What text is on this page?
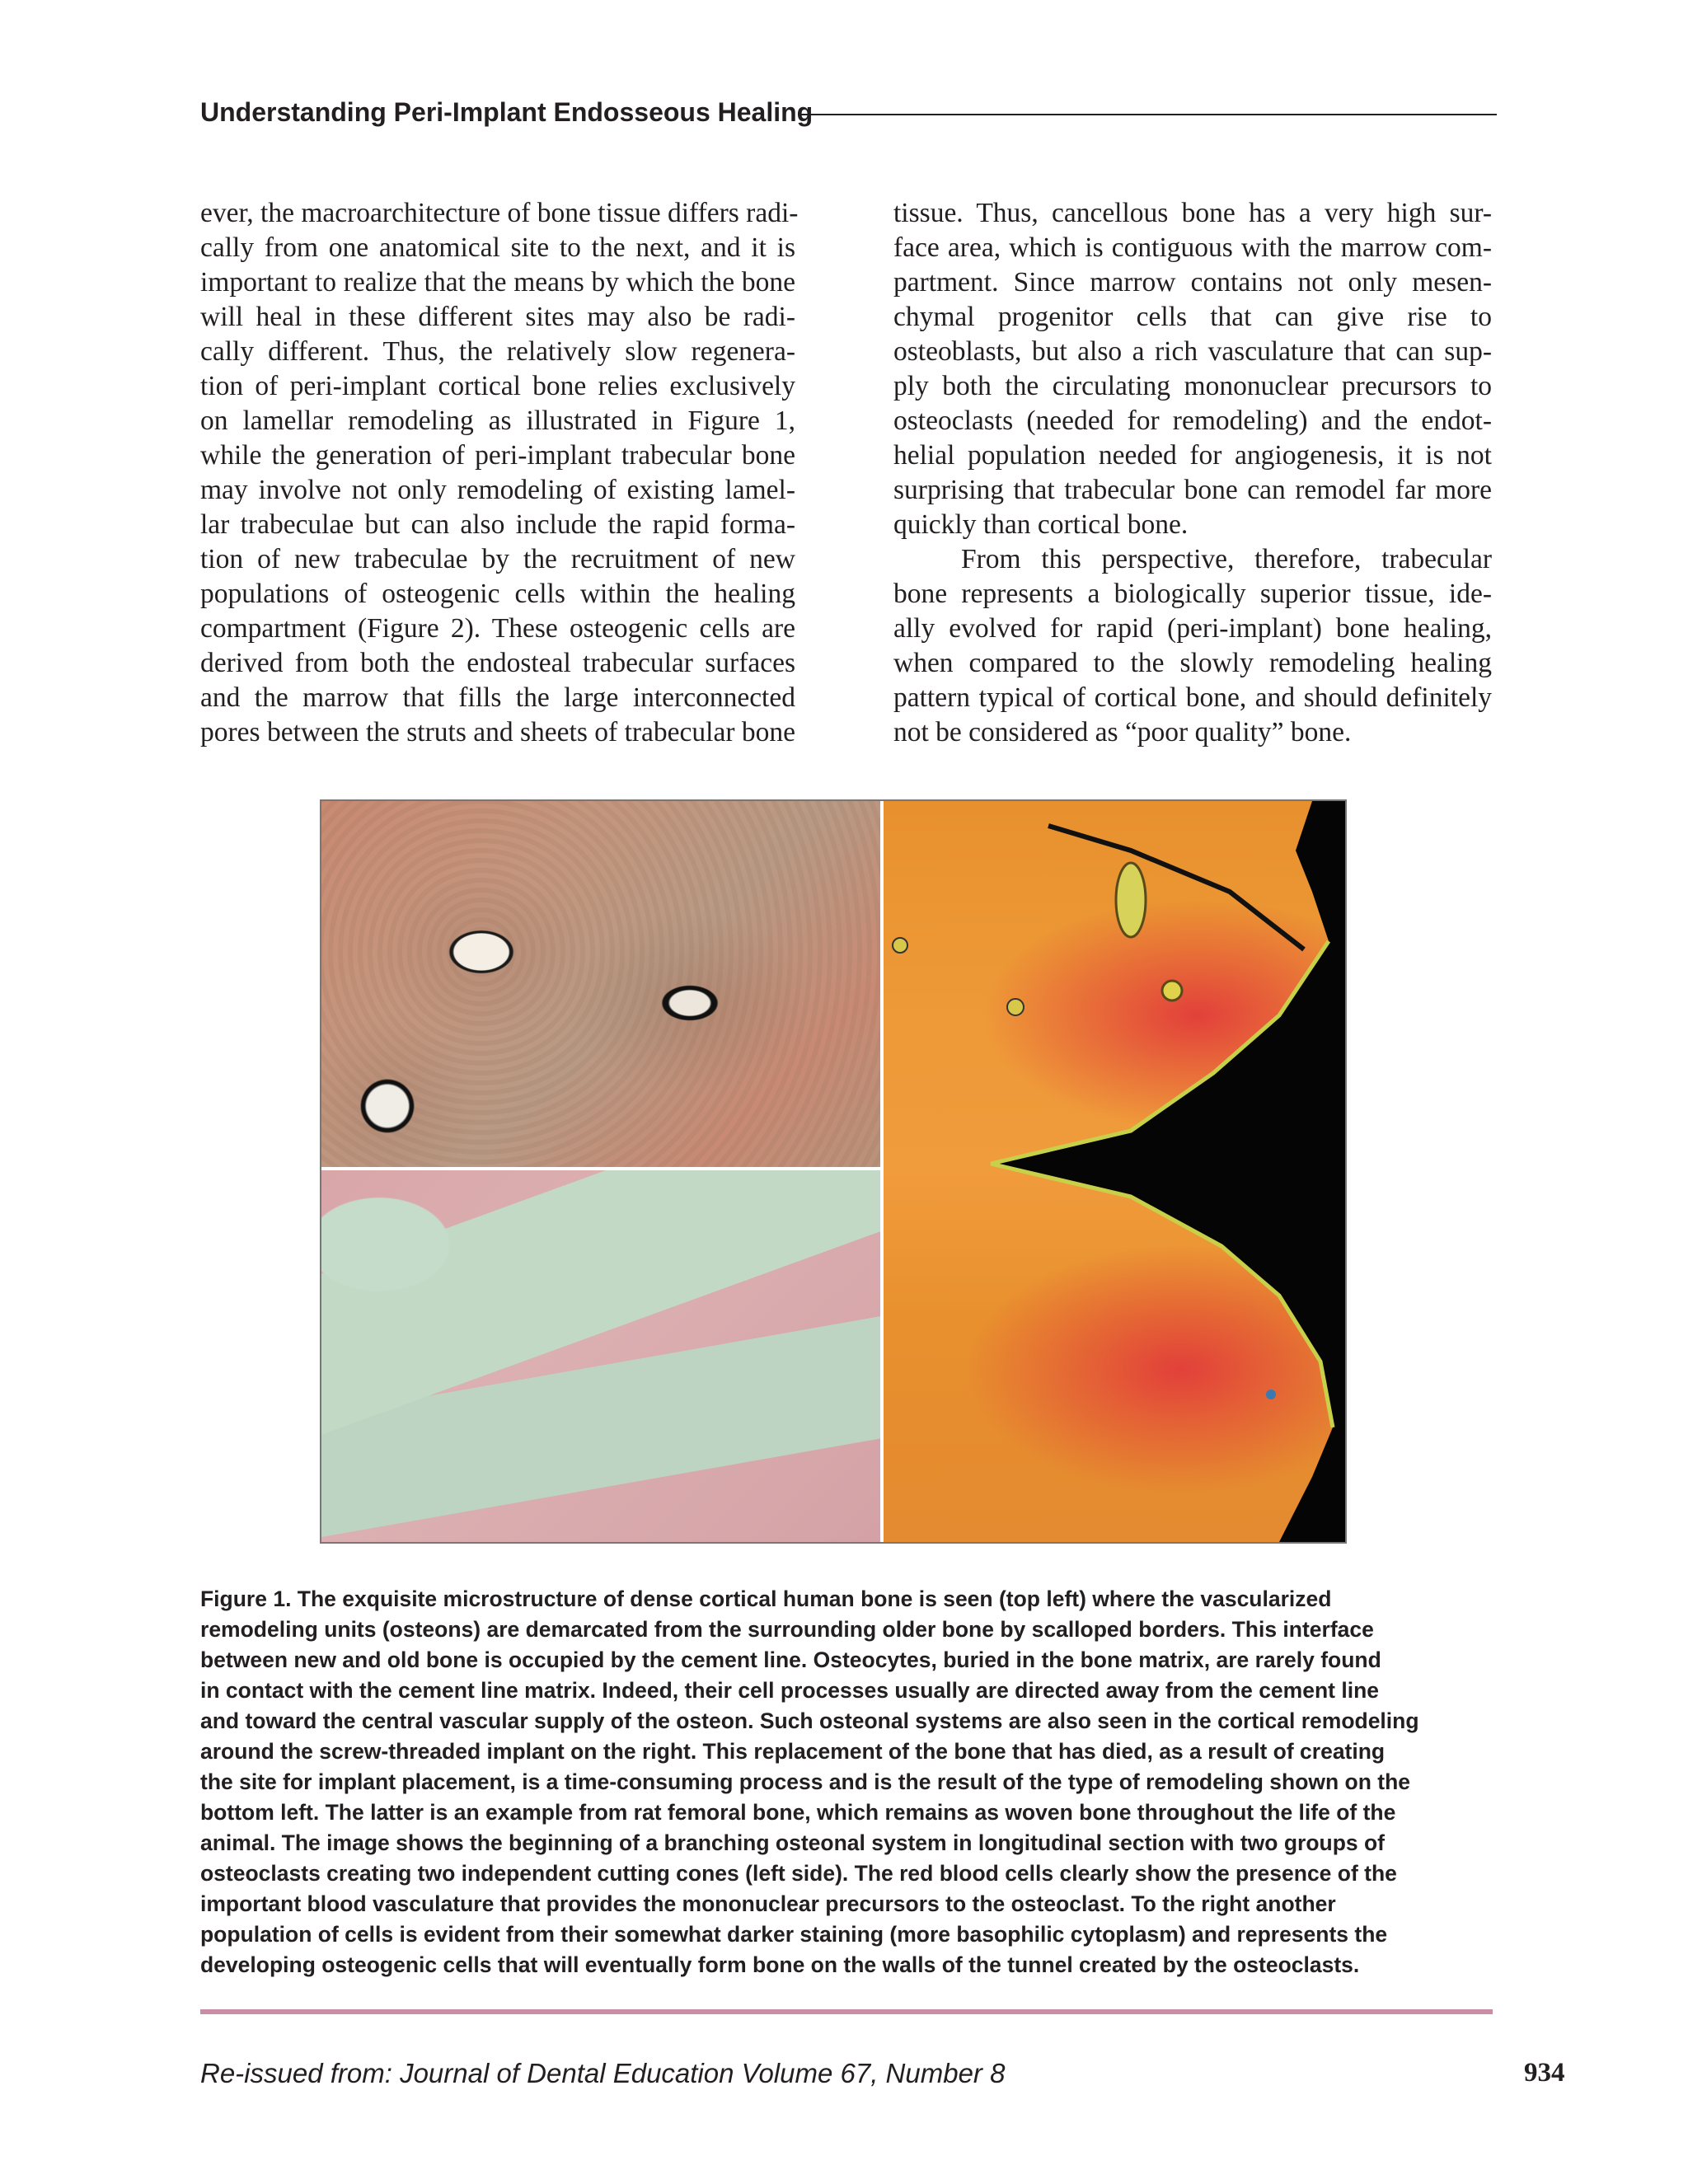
Understanding Peri-Implant Endosseous Healing
ever, the macroarchitecture of bone tissue differs radi-
cally from one anatomical site to the next, and it is
important to realize that the means by which the bone
will heal in these different sites may also be radi-
cally different. Thus, the relatively slow regenera-
tion of peri-implant cortical bone relies exclusively
on lamellar remodeling as illustrated in Figure 1,
while the generation of peri-implant trabecular bone
may involve not only remodeling of existing lamel-
lar trabeculae but can also include the rapid forma-
tion of new trabeculae by the recruitment of new
populations of osteogenic cells within the healing
compartment (Figure 2). These osteogenic cells are
derived from both the endosteal trabecular surfaces
and the marrow that fills the large interconnected
pores between the struts and sheets of trabecular bone
tissue. Thus, cancellous bone has a very high sur-
face area, which is contiguous with the marrow com-
partment. Since marrow contains not only mesen-
chymal progenitor cells that can give rise to
osteoblasts, but also a rich vasculature that can sup-
ply both the circulating mononuclear precursors to
osteoclasts (needed for remodeling) and the endot-
helial population needed for angiogenesis, it is not
surprising that trabecular bone can remodel far more
quickly than cortical bone.
From this perspective, therefore, trabecular
bone represents a biologically superior tissue, ide-
ally evolved for rapid (peri-implant) bone healing,
when compared to the slowly remodeling healing
pattern typical of cortical bone, and should definitely
not be considered as “poor quality” bone.
Figure 1. The exquisite microstructure of dense cortical human bone is seen (top left) where the vascularized
remodeling units (osteons) are demarcated from the surrounding older bone by scalloped borders. This interface
between new and old bone is occupied by the cement line. Osteocytes, buried in the bone matrix, are rarely found
in contact with the cement line matrix. Indeed, their cell processes usually are directed away from the cement line
and toward the central vascular supply of the osteon. Such osteonal systems are also seen in the cortical remodeling
around the screw-threaded implant on the right. This replacement of the bone that has died, as a result of creating
the site for implant placement, is a time-consuming process and is the result of the type of remodeling shown on the
bottom left. The latter is an example from rat femoral bone, which remains as woven bone throughout the life of the
animal. The image shows the beginning of a branching osteonal system in longitudinal section with two groups of
osteoclasts creating two independent cutting cones (left side). The red blood cells clearly show the presence of the
important blood vasculature that provides the mononuclear precursors to the osteoclast. To the right another
population of cells is evident from their somewhat darker staining (more basophilic cytoplasm) and represents the
developing osteogenic cells that will eventually form bone on the walls of the tunnel created by the osteoclasts.
Re-issued from: Journal of Dental Education Volume 67, Number 8	934
